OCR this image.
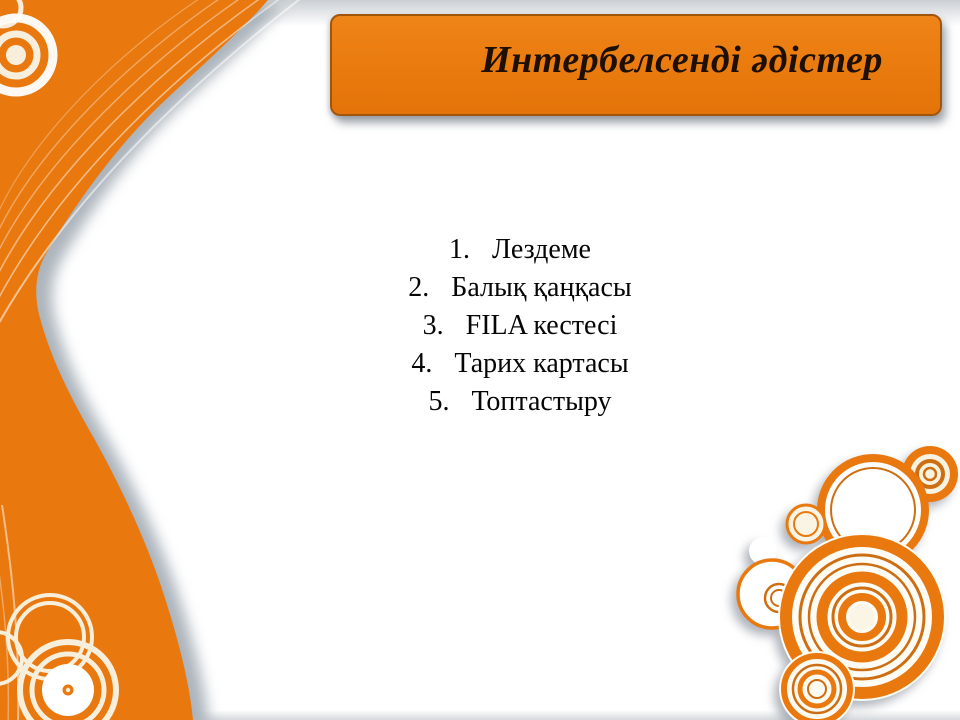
Интербелсенді әдістер
1. Лездеме
2. Балық қаңқасы
3. FILA кестесі
4. Тарих картасы
5. Топтастыру
